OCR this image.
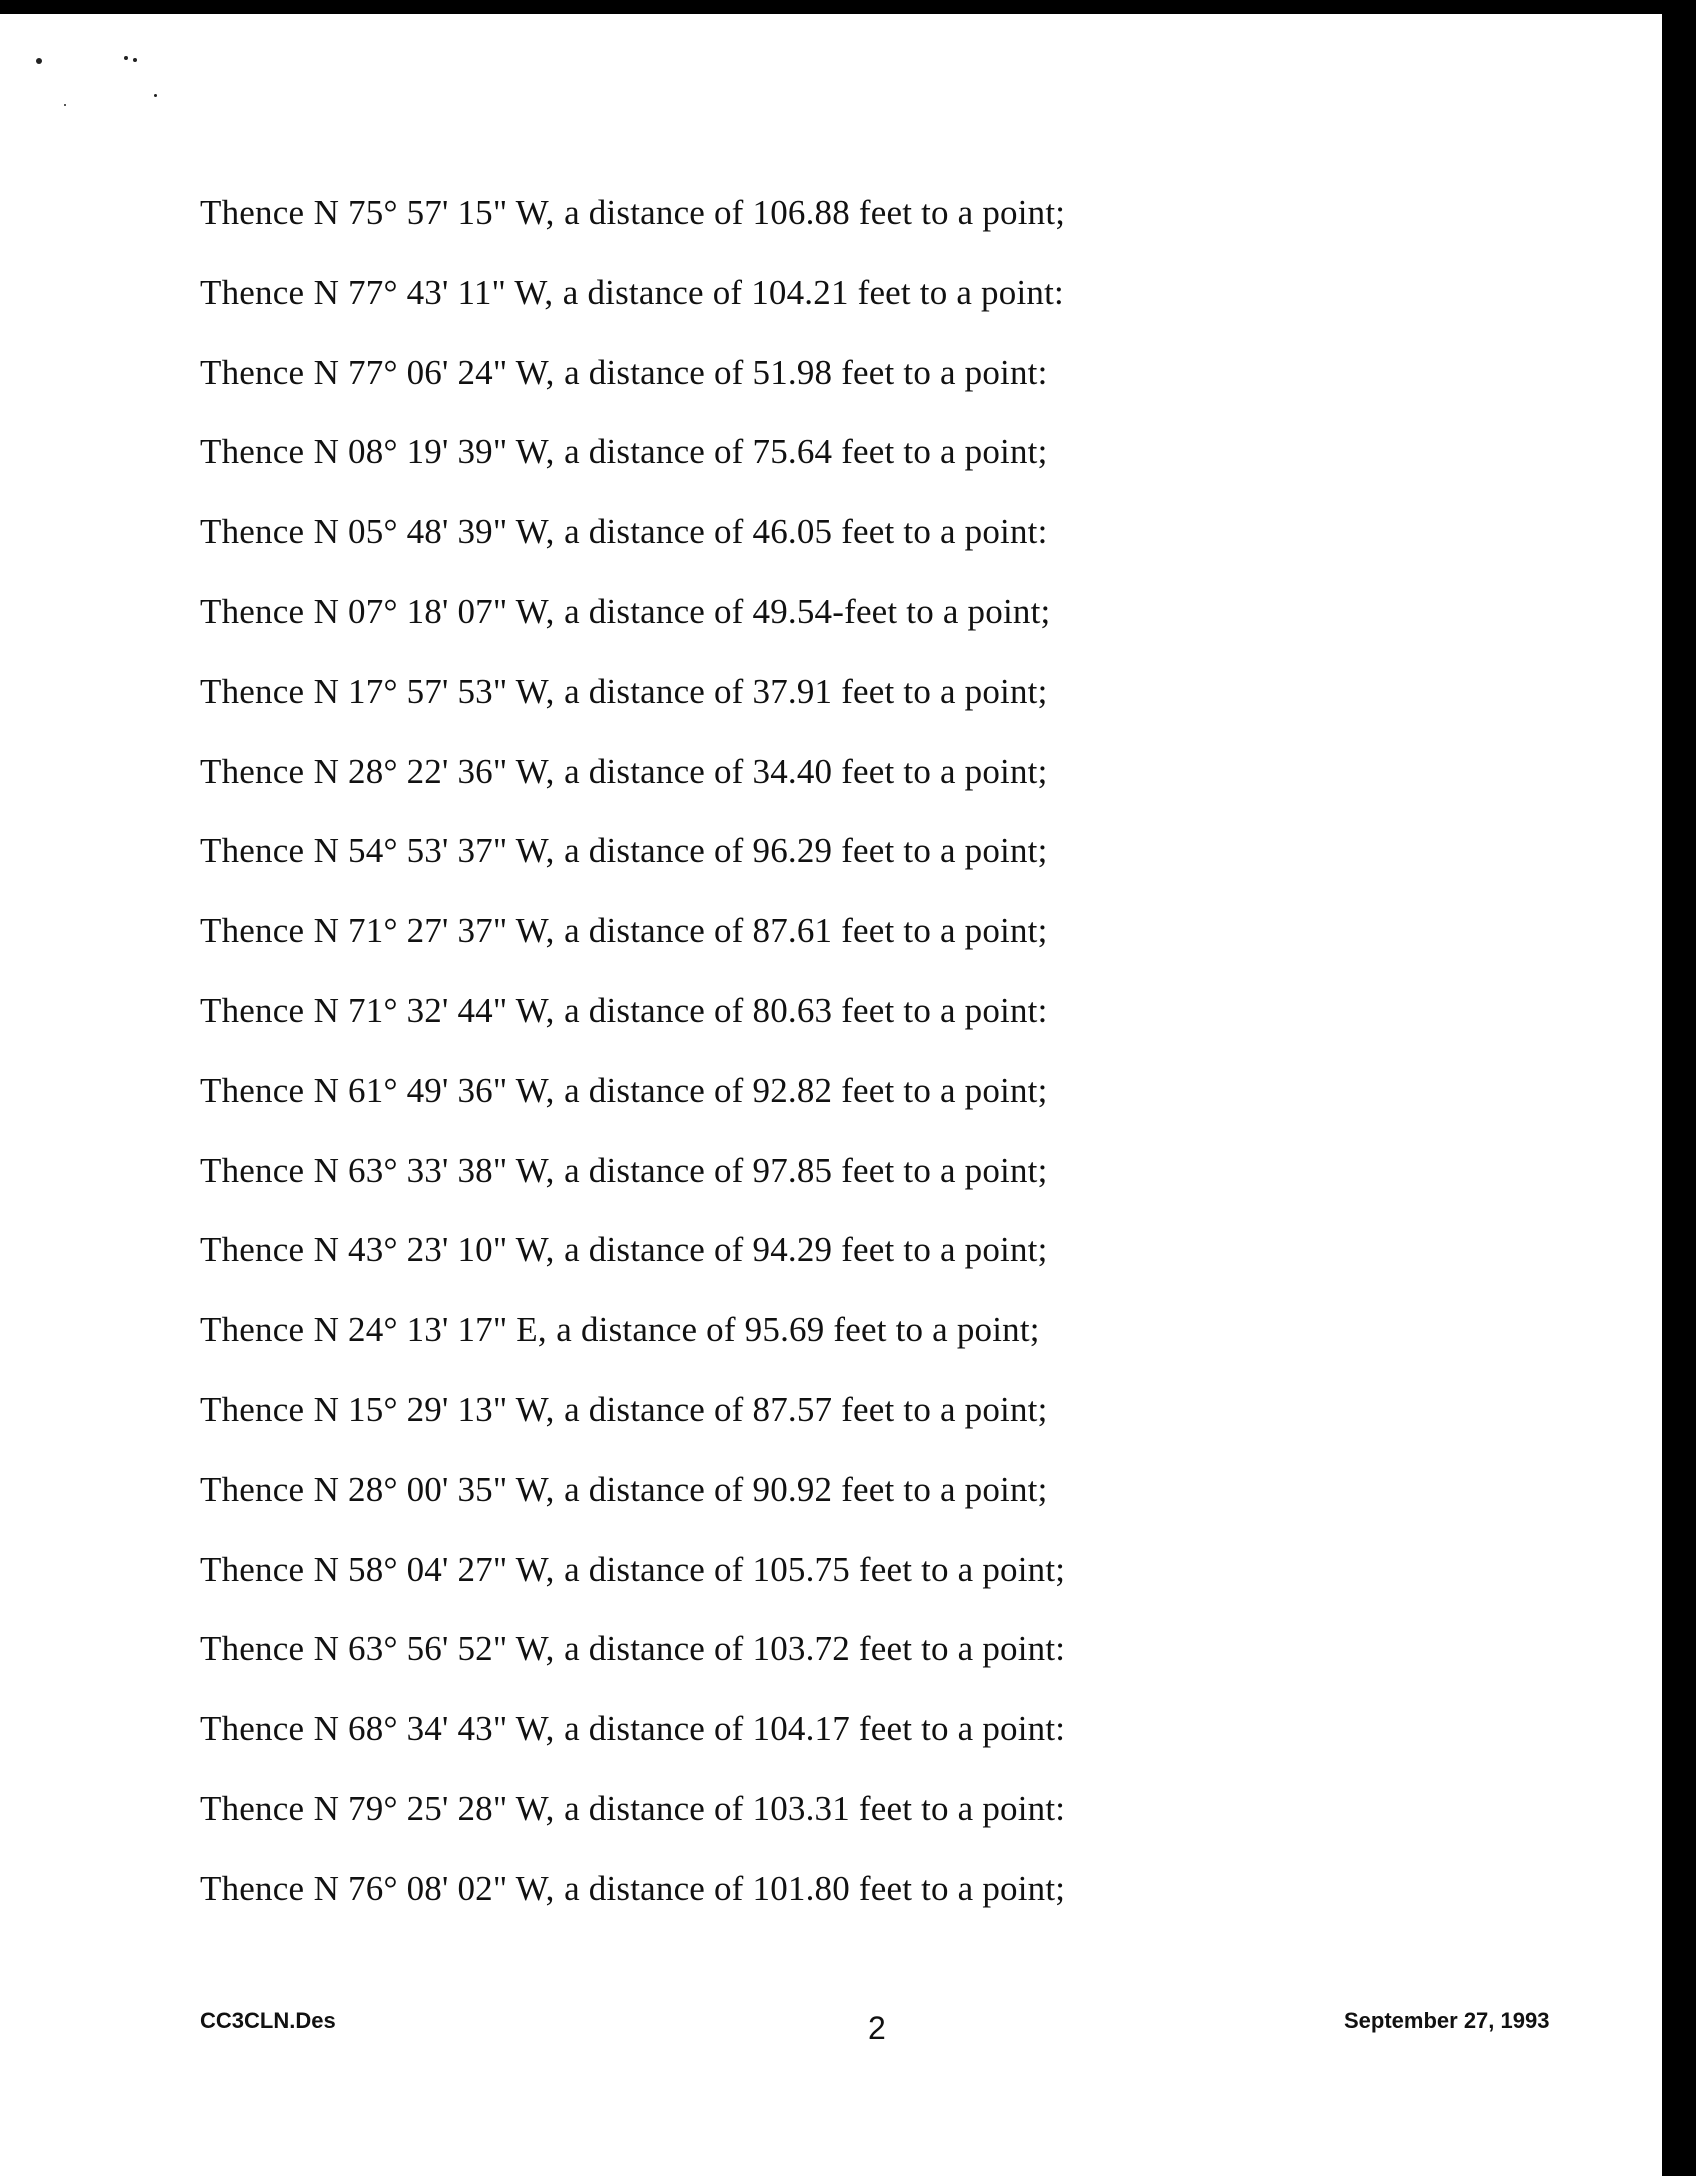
Thence N 75° 57' 15" W, a distance of 106.88 feet to a point;
Thence N 77° 43' 11" W, a distance of 104.21 feet to a point:
Thence N 77° 06' 24" W, a distance of 51.98 feet to a point:
Thence N 08° 19' 39" W, a distance of 75.64 feet to a point;
Thence N 05° 48' 39" W, a distance of 46.05 feet to a point:
Thence N 07° 18' 07" W, a distance of 49.54-feet to a point;
Thence N 17° 57' 53" W, a distance of 37.91 feet to a point;
Thence N 28° 22' 36" W, a distance of 34.40 feet to a point;
Thence N 54° 53' 37" W, a distance of 96.29 feet to a point;
Thence N 71° 27' 37" W, a distance of 87.61 feet to a point;
Thence N 71° 32' 44" W, a distance of 80.63 feet to a point:
Thence N 61° 49' 36" W, a distance of 92.82 feet to a point;
Thence N 63° 33' 38" W, a distance of 97.85 feet to a point;
Thence N 43° 23' 10" W, a distance of 94.29 feet to a point;
Thence N 24° 13' 17" E, a distance of 95.69 feet to a point;
Thence N 15° 29' 13" W, a distance of 87.57 feet to a point;
Thence N 28° 00' 35" W, a distance of 90.92 feet to a point;
Thence N 58° 04' 27" W, a distance of 105.75 feet to a point;
Thence N 63° 56' 52" W, a distance of 103.72 feet to a point:
Thence N 68° 34' 43" W, a distance of 104.17 feet to a point:
Thence N 79° 25' 28" W, a distance of 103.31 feet to a point:
Thence N 76° 08' 02" W, a distance of 101.80 feet to a point;
CC3CLN.Des	2	September 27, 1993
